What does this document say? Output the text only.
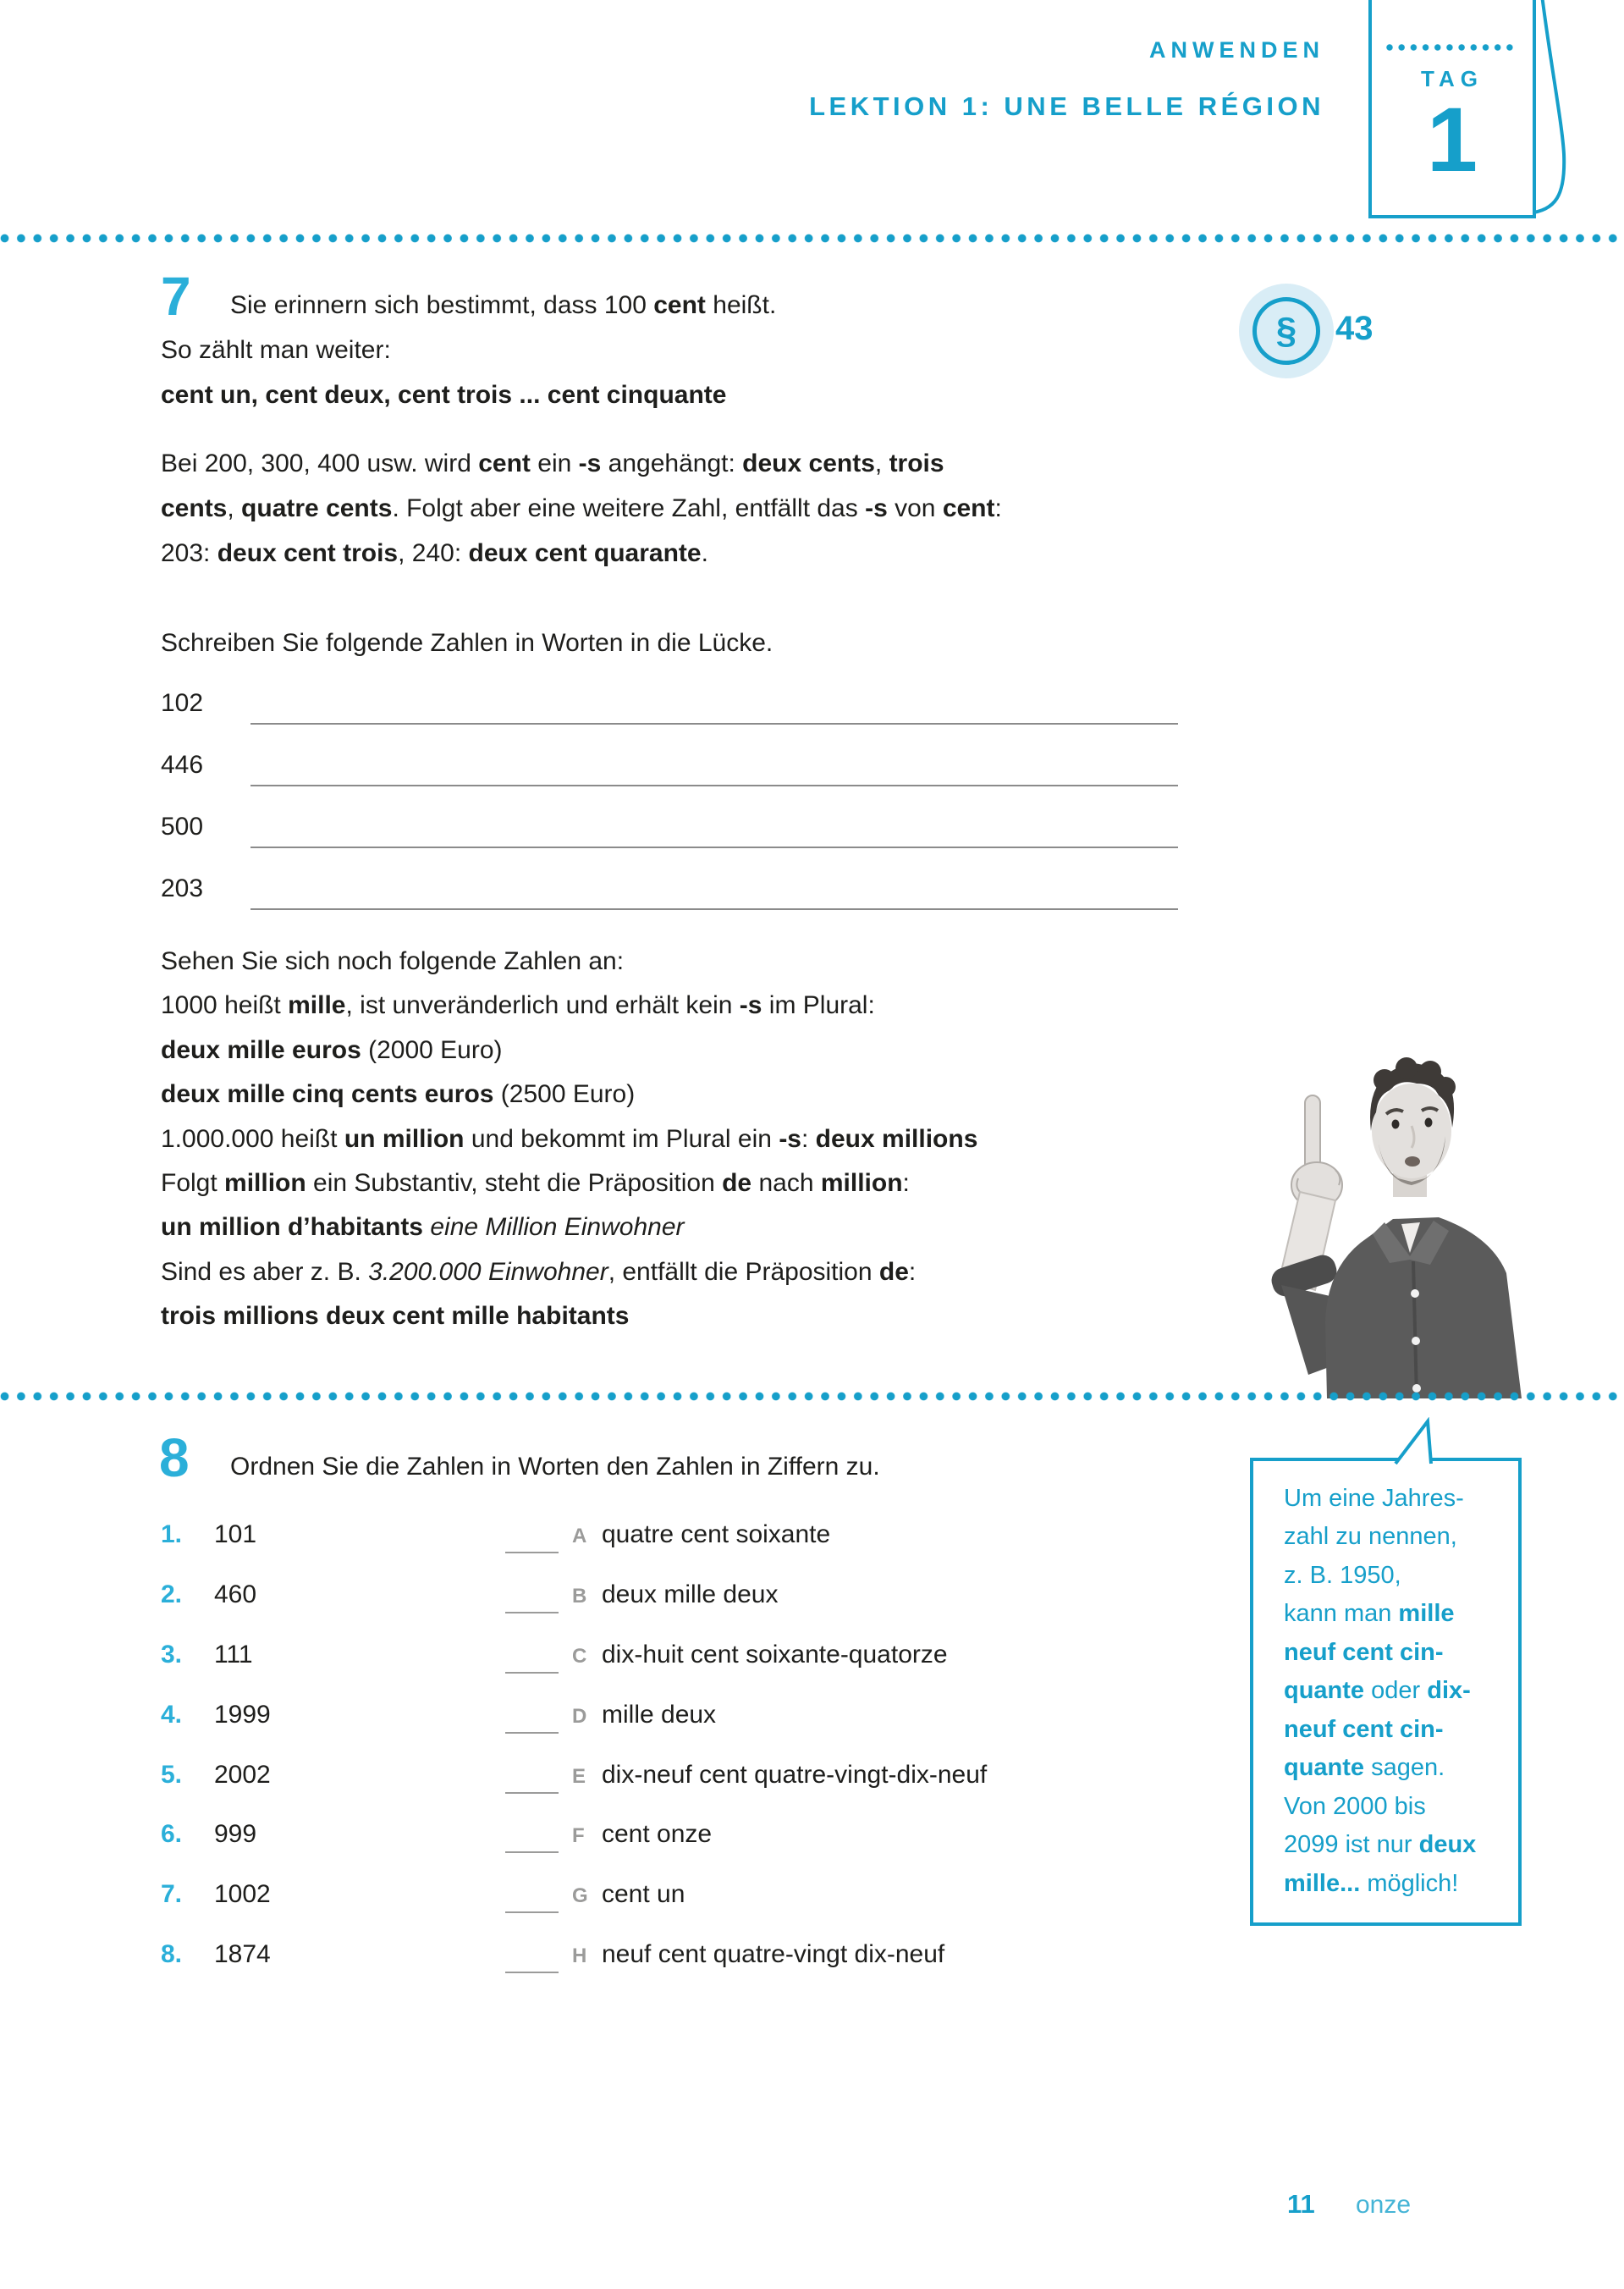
ANWENDEN
LEKTION 1: UNE BELLE RÉGION
TAG
1
7 Sie erinnern sich bestimmt, dass 100 cent heißt.
So zählt man weiter:
cent un, cent deux, cent trois ... cent cinquante
Bei 200, 300, 400 usw. wird cent ein -s angehängt: deux cents, trois
cents, quatre cents. Folgt aber eine weitere Zahl, entfällt das -s von cent:
203: deux cent trois, 240: deux cent quarante.
§ 43
Schreiben Sie folgende Zahlen in Worten in die Lücke.
102
446
500
203
Sehen Sie sich noch folgende Zahlen an:
1000 heißt mille, ist unveränderlich und erhält kein -s im Plural:
deux mille euros (2000 Euro)
deux mille cinq cents euros (2500 Euro)
1.000.000 heißt un million und bekommt im Plural ein -s: deux millions
Folgt million ein Substantiv, steht die Präposition de nach million:
un million d’habitants eine Million Einwohner
Sind es aber z. B. 3.200.000 Einwohner, entfällt die Präposition de:
trois millions deux cent mille habitants
8 Ordnen Sie die Zahlen in Worten den Zahlen in Ziffern zu.
1. 101	A quatre cent soixante
2. 460	B deux mille deux
3. 111	C dix-huit cent soixante-quatorze
4. 1999	D mille deux
5. 2002	E dix-neuf cent quatre-vingt-dix-neuf
6. 999	F cent onze
7. 1002	G cent un
8. 1874	H neuf cent quatre-vingt dix-neuf
Um eine Jahres-
zahl zu nennen,
z. B. 1950,
kann man mille
neuf cent cin-
quante oder dix-
neuf cent cin-
quante sagen.
Von 2000 bis
2099 ist nur deux
mille... möglich!
11 onze
